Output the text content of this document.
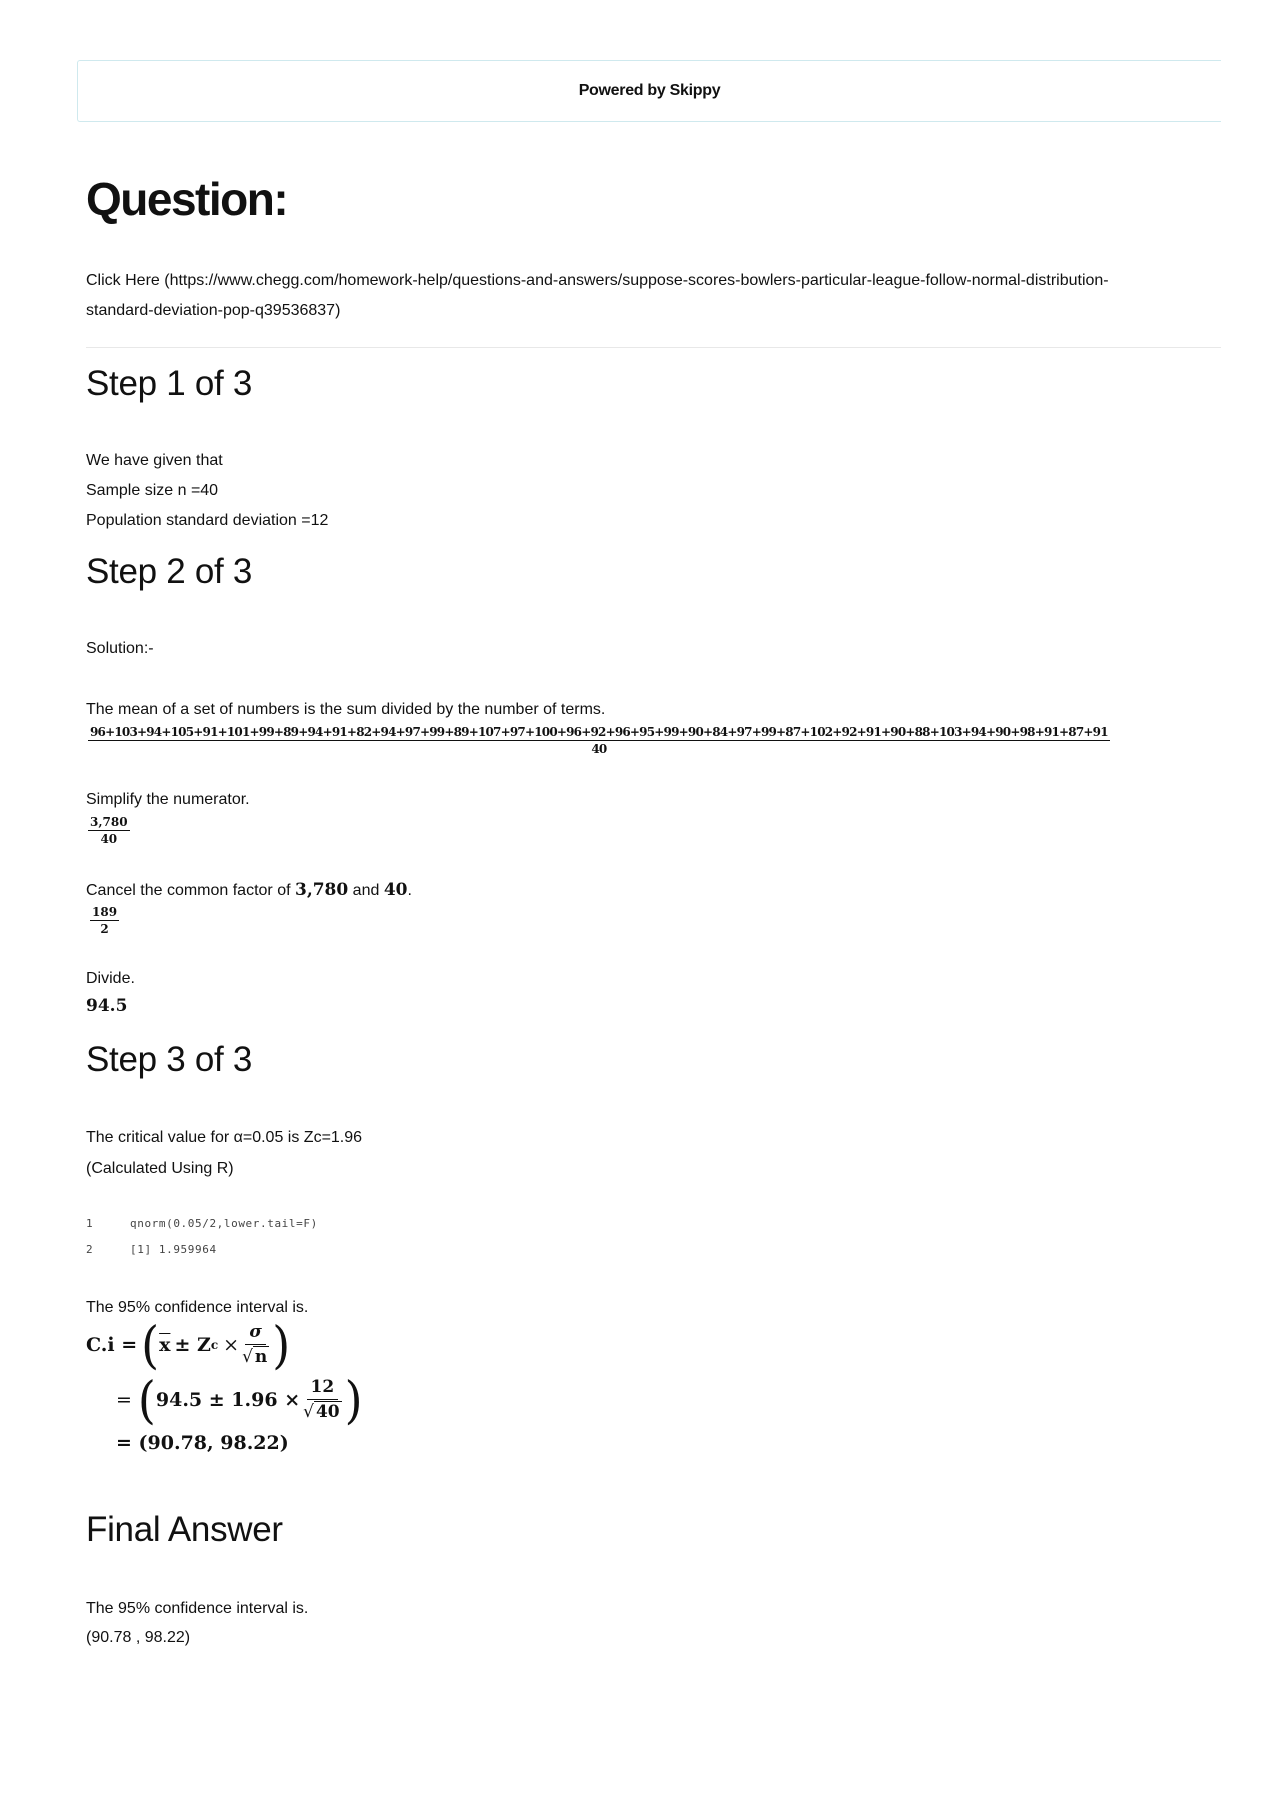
Powered by Skippy
Question:
Click Here (https://www.chegg.com/homework-help/questions-and-answers/suppose-scores-bowlers-particular-league-follow-normal-distribution-
standard-deviation-pop-q39536837)
Step 1 of 3
We have given that
Sample size n =40
Population standard deviation =12
Step 2 of 3
Solution:-
The mean of a set of numbers is the sum divided by the number of terms.
96+103+94+105+91+101+99+89+94+91+82+94+97+99+89+107+97+100+96+92+96+95+99+90+84+97+99+87+102+92+91+90+88+103+94+90+98+91+87+91
40
Simplify the numerator.
$\frac{3,780}{40}$
Cancel the common factor of 3,780 and 40.
$\frac{189}{2}$
Divide.
94.5
Step 3 of 3
The critical value for α=0.05 is Zc=1.96
(Calculated Using R)
1	qnorm(0.05/2,lower.tail=F)
2	[1] 1.959964
The 95% confidence interval is.
C.i = ( $\overline{x} \pm Z$ $c \times \frac{\sigma}{√ n}$ )
= ( $94.5 \pm 1.96 \times \frac{12}{√ 40}$ )
= (90.78, 98.22)
Final Answer
The 95% confidence interval is.
(90.78 , 98.22)
